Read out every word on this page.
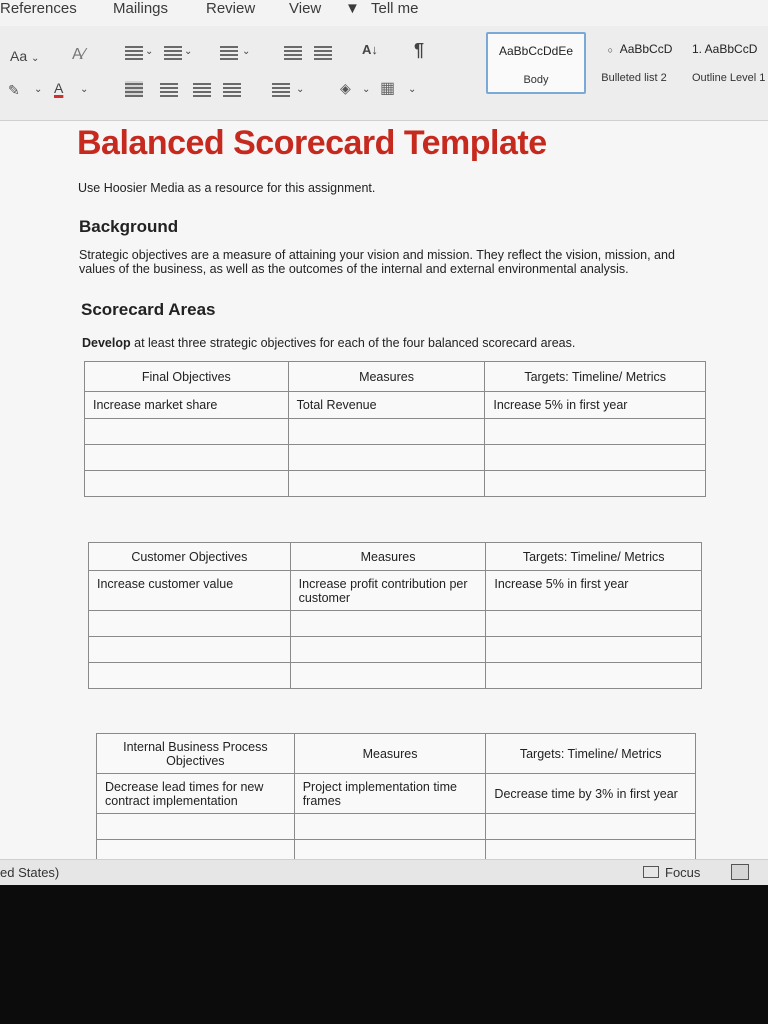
References Mailings	Review View ▼ Tell me
Aa ⌄ A⁄
✎ ⌄ A ⌄
⌄	⌄	⌄	A↓ ¶
⌄	◈ ⌄ ▦ ⌄
AaBbCcDdEe
Body
○ AaBbCcD
Bulleted list 2
1. AaBbCcD
Outline Level 1
Balanced Scorecard Template
Use Hoosier Media as a resource for this assignment.
Background
Strategic objectives are a measure of attaining your vision and mission. They reflect the vision, mission, and values of the business, as well as the outcomes of the internal and external environmental analysis.
Scorecard Areas
Develop at least three strategic objectives for each of the four balanced scorecard areas.
Final Objectives	Measures	Targets: Timeline/ Metrics
Increase market share	Total Revenue	Increase 5% in first year

Customer Objectives	Measures	Targets: Timeline/ Metrics
Increase customer value	Increase profit contribution per customer	Increase 5% in first year

Internal Business Process Objectives	Measures	Targets: Timeline/ Metrics
Decrease lead times for new contract implementation	Project implementation time frames	Decrease time by 3% in first year

ed States)	Focus
